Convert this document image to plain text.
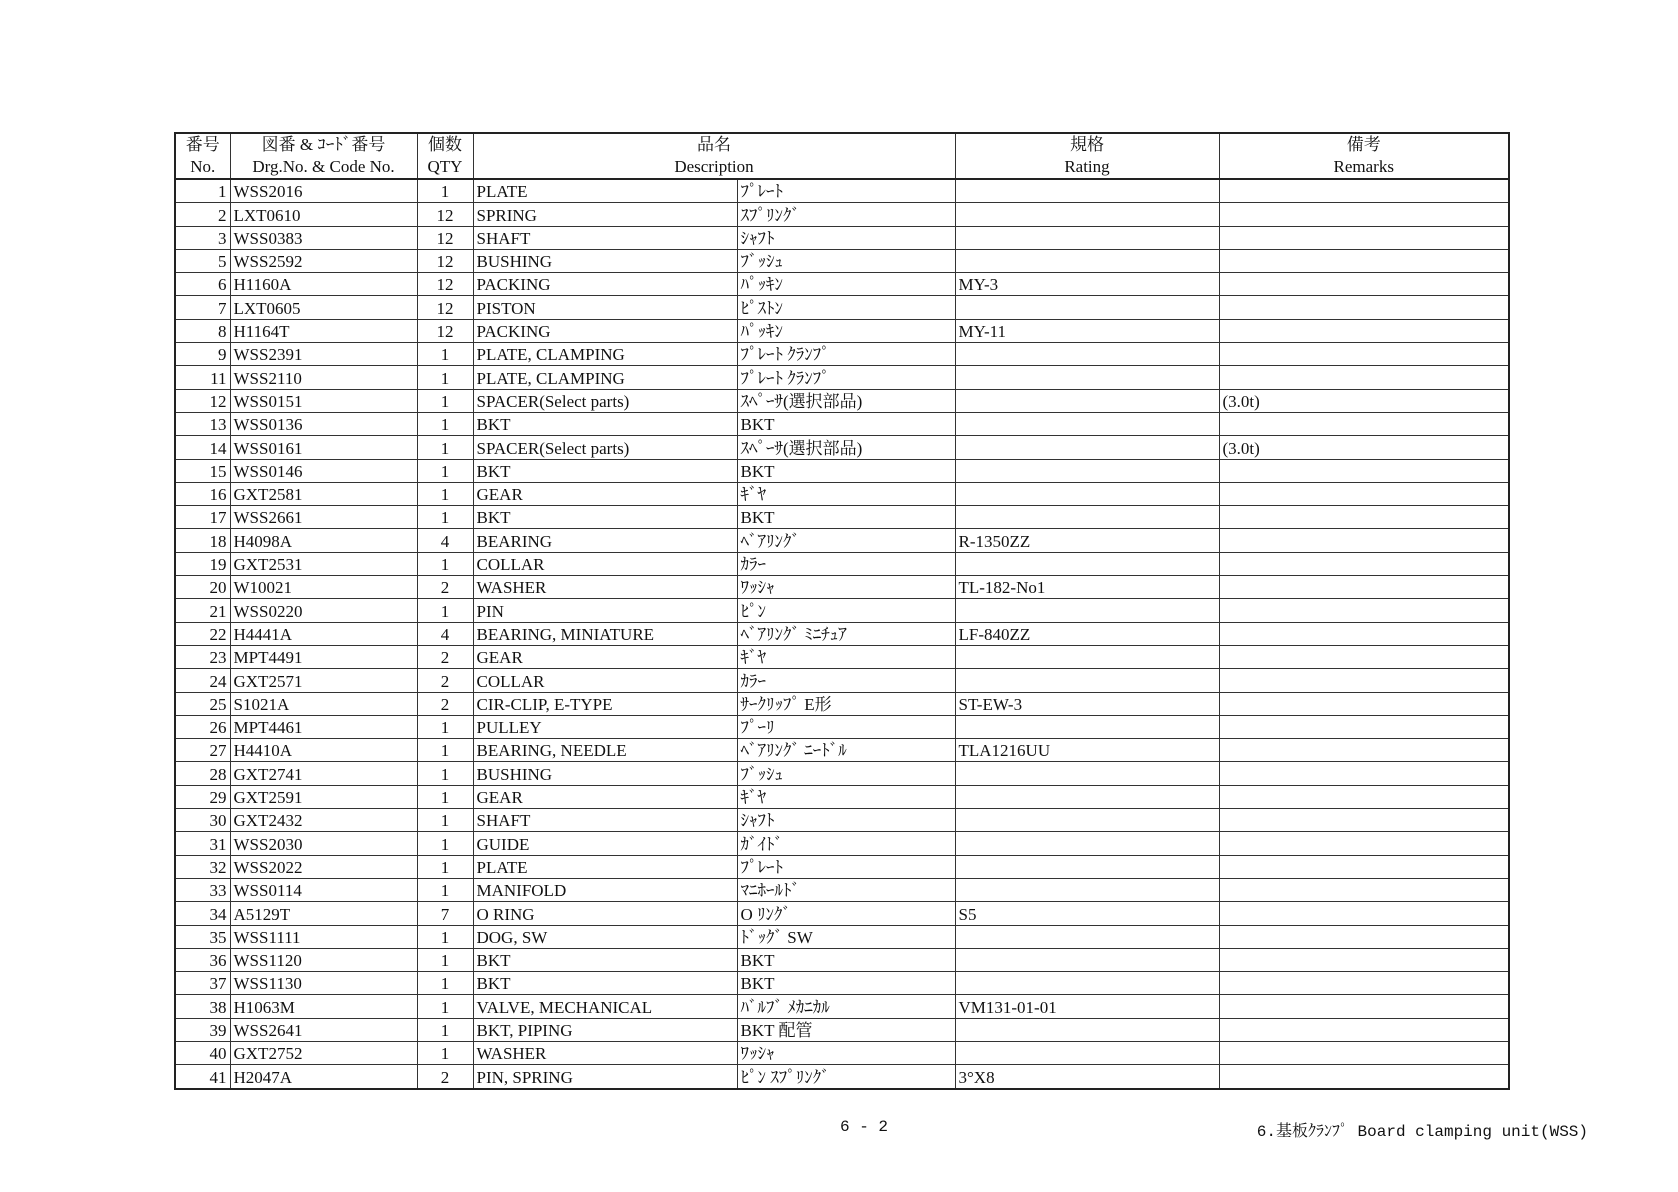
番号	図番 & ｺｰﾄﾞ番号	個数	品名		規格	備考
No.	Drg.No. & Code No.	QTY	Description		Rating	Remarks
1	WSS2016	1	PLATE	ﾌﾟﾚｰﾄ		
2	LXT0610	12	SPRING	ｽﾌﾟﾘﾝｸﾞ		
3	WSS0383	12	SHAFT	ｼｬﾌﾄ		
5	WSS2592	12	BUSHING	ﾌﾞｯｼｭ		
6	H1160A	12	PACKING	ﾊﾟｯｷﾝ	MY-3	
7	LXT0605	12	PISTON	ﾋﾟｽﾄﾝ		
8	H1164T	12	PACKING	ﾊﾟｯｷﾝ	MY-11	
9	WSS2391	1	PLATE, CLAMPING	ﾌﾟﾚｰﾄ ｸﾗﾝﾌﾟ		
11	WSS2110	1	PLATE, CLAMPING	ﾌﾟﾚｰﾄ ｸﾗﾝﾌﾟ		
12	WSS0151	1	SPACER(Select parts)	ｽﾍﾟｰｻ(選択部品)		(3.0t)
13	WSS0136	1	BKT	BKT		
14	WSS0161	1	SPACER(Select parts)	ｽﾍﾟｰｻ(選択部品)		(3.0t)
15	WSS0146	1	BKT	BKT		
16	GXT2581	1	GEAR	ｷﾞﾔ		
17	WSS2661	1	BKT	BKT		
18	H4098A	4	BEARING	ﾍﾞｱﾘﾝｸﾞ	R-1350ZZ	
19	GXT2531	1	COLLAR	ｶﾗｰ		
20	W10021	2	WASHER	ﾜｯｼｬ	TL-182-No1	
21	WSS0220	1	PIN	ﾋﾟﾝ		
22	H4441A	4	BEARING, MINIATURE	ﾍﾞｱﾘﾝｸﾞ ﾐﾆﾁｭｱ	LF-840ZZ	
23	MPT4491	2	GEAR	ｷﾞﾔ		
24	GXT2571	2	COLLAR	ｶﾗｰ		
25	S1021A	2	CIR-CLIP, E-TYPE	ｻｰｸﾘｯﾌﾟ E形	ST-EW-3	
26	MPT4461	1	PULLEY	ﾌﾟｰﾘ		
27	H4410A	1	BEARING, NEEDLE	ﾍﾞｱﾘﾝｸﾞ ﾆｰﾄﾞﾙ	TLA1216UU	
28	GXT2741	1	BUSHING	ﾌﾞｯｼｭ		
29	GXT2591	1	GEAR	ｷﾞﾔ		
30	GXT2432	1	SHAFT	ｼｬﾌﾄ		
31	WSS2030	1	GUIDE	ｶﾞｲﾄﾞ		
32	WSS2022	1	PLATE	ﾌﾟﾚｰﾄ		
33	WSS0114	1	MANIFOLD	ﾏﾆﾎｰﾙﾄﾞ		
34	A5129T	7	O RING	O ﾘﾝｸﾞ	S5	
35	WSS1111	1	DOG, SW	ﾄﾞｯｸﾞ SW		
36	WSS1120	1	BKT	BKT		
37	WSS1130	1	BKT	BKT		
38	H1063M	1	VALVE, MECHANICAL	ﾊﾞﾙﾌﾞ ﾒｶﾆｶﾙ	VM131-01-01	
39	WSS2641	1	BKT, PIPING	BKT 配管		
40	GXT2752	1	WASHER	ﾜｯｼｬ		
41	H2047A	2	PIN, SPRING	ﾋﾟﾝ ｽﾌﾟﾘﾝｸﾞ	3°X8	
6 - 2	6.基板ｸﾗﾝﾌﾟ Board clamping unit(WSS)
